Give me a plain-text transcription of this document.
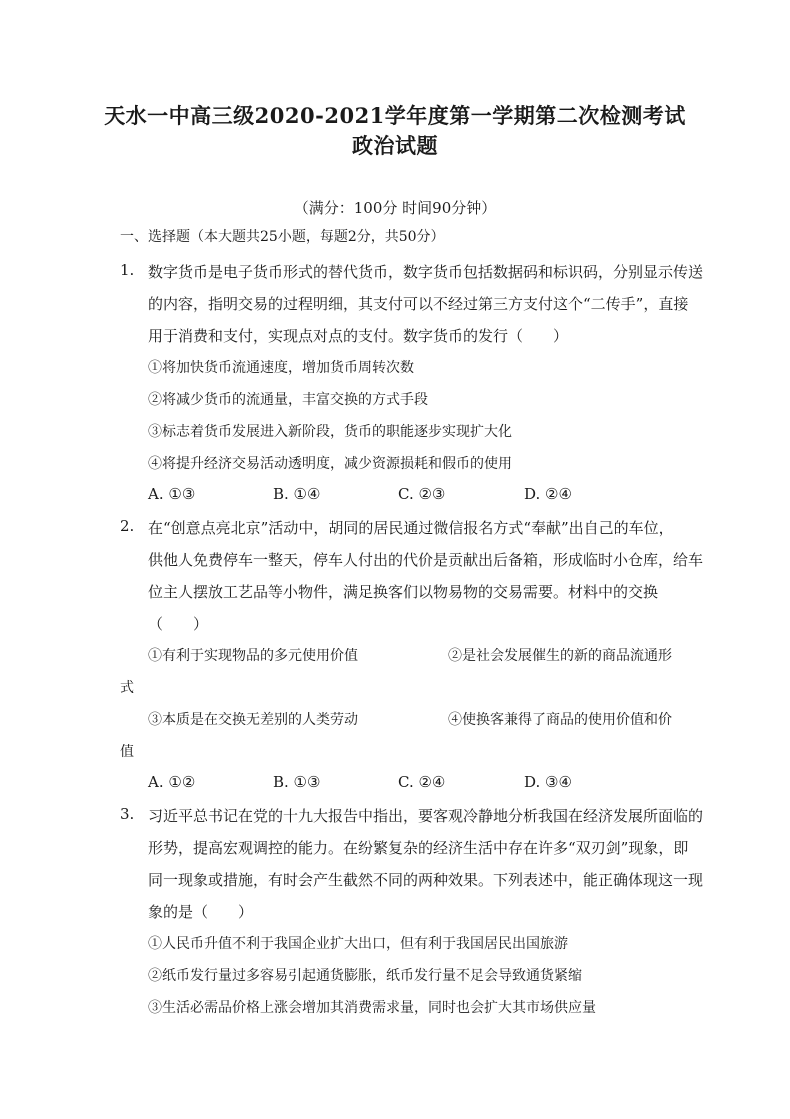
天水一中高三级2020-2021学年度第一学期第二次检测考试
政治试题
（满分：100分 时间90分钟）
一、选择题（本大题共25小题，每题2分，共50分）
1. 数字货币是电子货币形式的替代货币，数字货币包括数据码和标识码，分别显示传送
的内容，指明交易的过程明细，其支付可以不经过第三方支付这个“二传手”，直接
用于消费和支付，实现点对点的支付。数字货币的发行（　　）
①将加快货币流通速度，增加货币周转次数
②将减少货币的流通量，丰富交换的方式手段
③标志着货币发展进入新阶段，货币的职能逐步实现扩大化
④将提升经济交易活动透明度，减少资源损耗和假币的使用
A. ①③	B. ①④	C. ②③	D. ②④
2. 在“创意点亮北京”活动中，胡同的居民通过微信报名方式“奉献”出自己的车位，
供他人免费停车一整天，停车人付出的代价是贡献出后备箱，形成临时小仓库，给车
位主人摆放工艺品等小物件，满足换客们以物易物的交易需要。材料中的交换
（　　）
①有利于实现物品的多元使用价值	②是社会发展催生的新的商品流通形
式
③本质是在交换无差别的人类劳动	④使换客兼得了商品的使用价值和价
值
A. ①②	B. ①③	C. ②④	D. ③④
3. 习近平总书记在党的十九大报告中指出，要客观冷静地分析我国在经济发展所面临的
形势，提高宏观调控的能力。在纷繁复杂的经济生活中存在许多“双刃剑”现象，即
同一现象或措施，有时会产生截然不同的两种效果。下列表述中，能正确体现这一现
象的是（　　）
①人民币升值不利于我国企业扩大出口，但有利于我国居民出国旅游
②纸币发行量过多容易引起通货膨胀，纸币发行量不足会导致通货紧缩
③生活必需品价格上涨会增加其消费需求量，同时也会扩大其市场供应量
